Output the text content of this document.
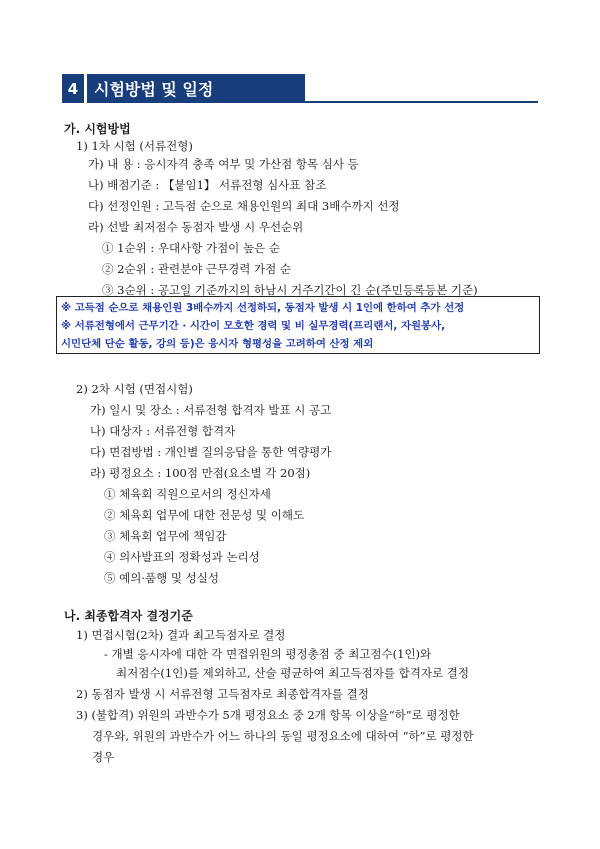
4 시험방법 및 일정
가. 시험방법
1) 1차 시험 (서류전형)
가) 내 용 : 응시자격 충족 여부 및 가산점 항목 심사 등
나) 배점기준 : 【붙임1】 서류전형 심사표 참조
다) 선정인원 : 고득점 순으로 채용인원의 최대 3배수까지 선정
라) 선발 최저점수 동점자 발생 시 우선순위
① 1순위 : 우대사항 가점이 높은 순
② 2순위 : 관련분야 근무경력 가점 순
③ 3순위 : 공고일 기준까지의 하남시 거주기간이 긴 순(주민등록등본 기준)
※ 고득점 순으로 채용인원 3배수까지 선정하되, 동점자 발생 시 1인에 한하여 추가 선정
※ 서류전형에서 근무기간 · 시간이 모호한 경력 및 비 실무경력(프리랜서, 자원봉사,
시민단체 단순 활동, 강의 등)은 응시자 형평성을 고려하여 산정 제외
2) 2차 시험 (면접시험)
가) 일시 및 장소 : 서류전형 합격자 발표 시 공고
나) 대상자 : 서류전형 합격자
다) 면접방법 : 개인별 질의응답을 통한 역량평가
라) 평정요소 : 100점 만점(요소별 각 20점)
① 체육회 직원으로서의 정신자세
② 체육회 업무에 대한 전문성 및 이해도
③ 체육회 업무에 책임감
④ 의사발표의 정확성과 논리성
⑤ 예의·품행 및 성실성
나. 최종합격자 결정기준
1) 면접시험(2차) 결과 최고득점자로 결정
- 개별 응시자에 대한 각 면접위원의 평정총점 중 최고점수(1인)와
최저점수(1인)를 제외하고, 산술 평균하여 최고득점자를 합격자로 결정
2) 동점자 발생 시 서류전형 고득점자로 최종합격자를 결정
3) (불합격) 위원의 과반수가 5개 평정요소 중 2개 항목 이상을“하”로 평정한
경우와, 위원의 과반수가 어느 하나의 동일 평정요소에 대하여 “하”로 평정한
경우
